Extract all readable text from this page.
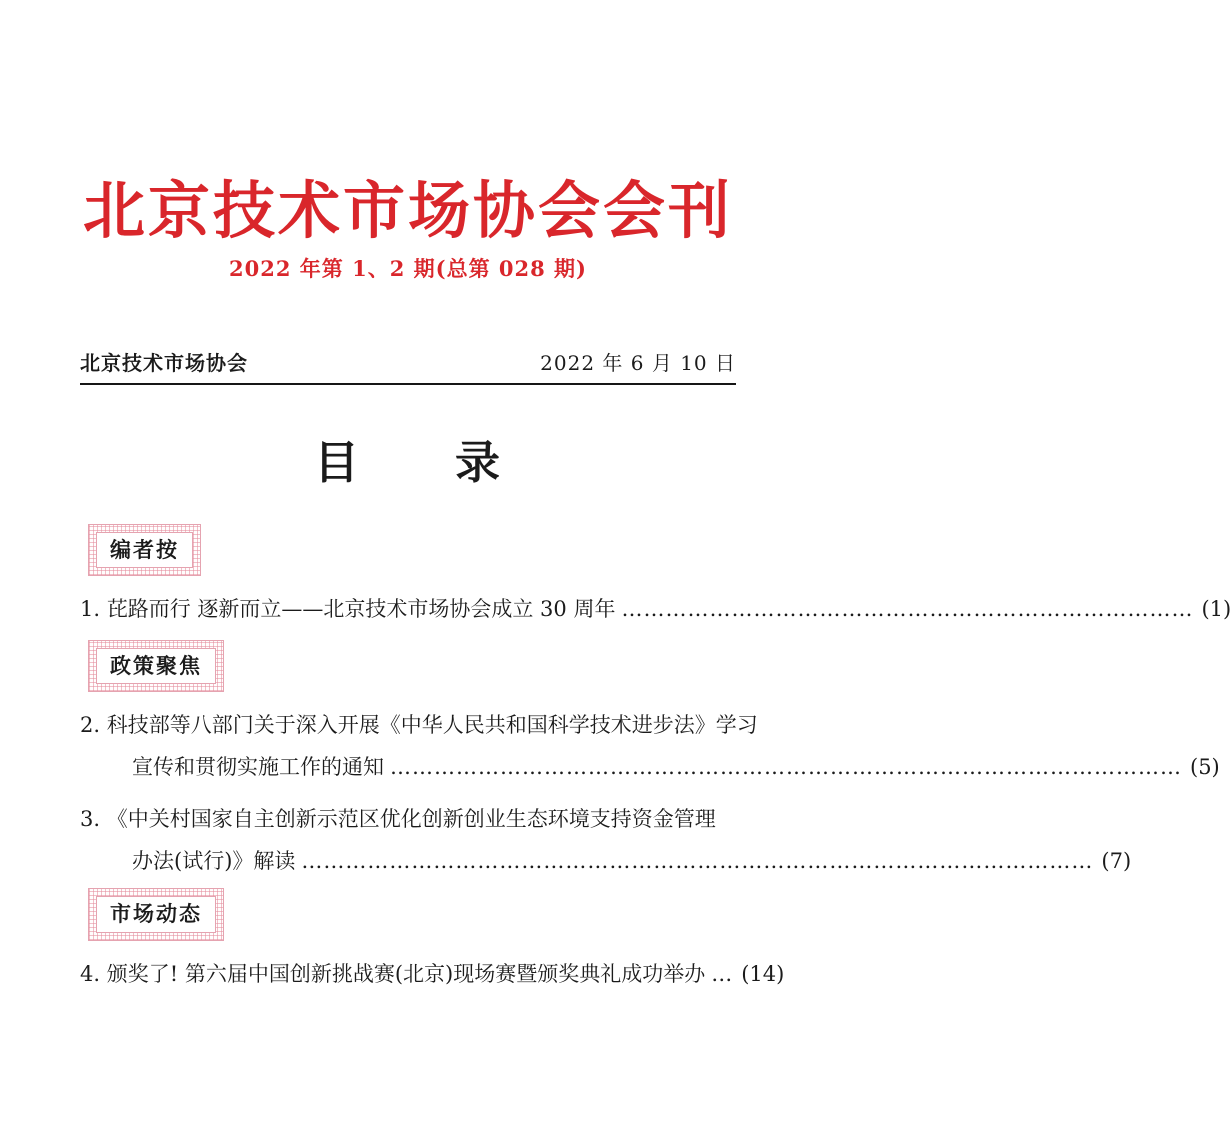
北京技术市场协会会刊
2022 年第 1、2 期(总第 028 期)
北京技术市场协会	2022 年 6 月 10 日
目　　录
编者按
1. 芘路而行 逐新而立——北京技术市场协会成立 30 周年 …………………………………………………………………… (1)
政策聚焦
2. 科技部等八部门关于深入开展《中华人民共和国科学技术进步法》学习
宣传和贯彻实施工作的通知 ……………………………………………………………………………………………… (5)
3. 《中关村国家自主创新示范区优化创新创业生态环境支持资金管理
办法(试行)》解读 ……………………………………………………………………………………………… (7)
市场动态
4. 颁奖了! 第六届中国创新挑战赛(北京)现场赛暨颁奖典礼成功举办 … (14)
